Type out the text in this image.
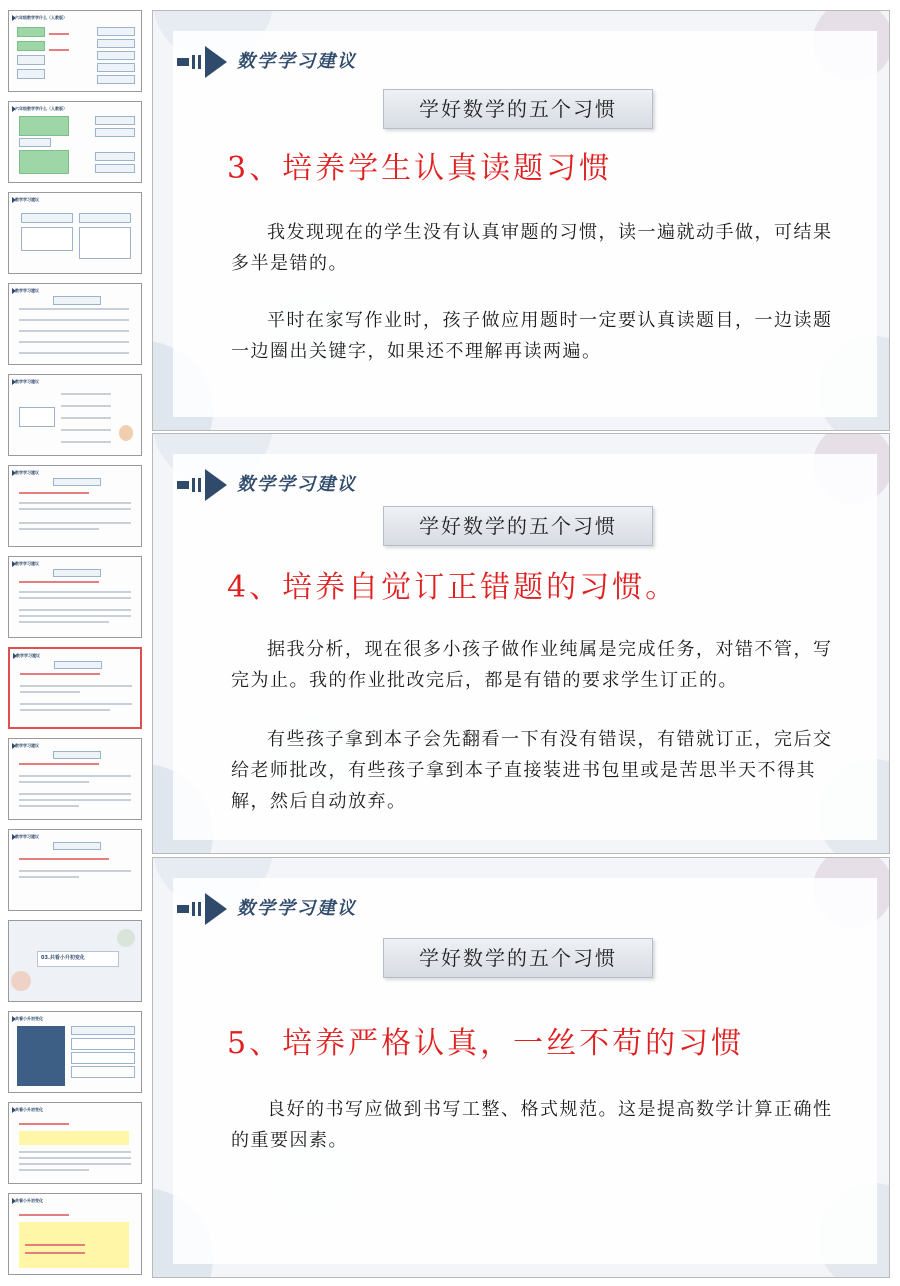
六年级数学学什么（人教版）
六年级数学学什么（人教版）
数学学习建议
数学学习建议
数学学习建议
数学学习建议
数学学习建议
数学学习建议
数学学习建议
数学学习建议
03.共看小升初变化
共看小升初变化
共看小升初变化
共看小升初变化
数学学习建议
学好数学的五个习惯
3、培养学生认真读题习惯

我发现现在的学生没有认真审题的习惯，读一遍就动手做，可结果多半是错的。

平时在家写作业时，孩子做应用题时一定要认真读题目，一边读题一边圈出关键字，如果还不理解再读两遍。

数学学习建议
学好数学的五个习惯
4、培养自觉订正错题的习惯。

据我分析，现在很多小孩子做作业纯属是完成任务，对错不管，写完为止。我的作业批改完后，都是有错的要求学生订正的。

有些孩子拿到本子会先翻看一下有没有错误，有错就订正，完后交给老师批改，有些孩子拿到本子直接装进书包里或是苦思半天不得其解，然后自动放弃。

数学学习建议
学好数学的五个习惯
5、培养严格认真，一丝不苟的习惯

良好的书写应做到书写工整、格式规范。这是提高数学计算正确性的重要因素。
